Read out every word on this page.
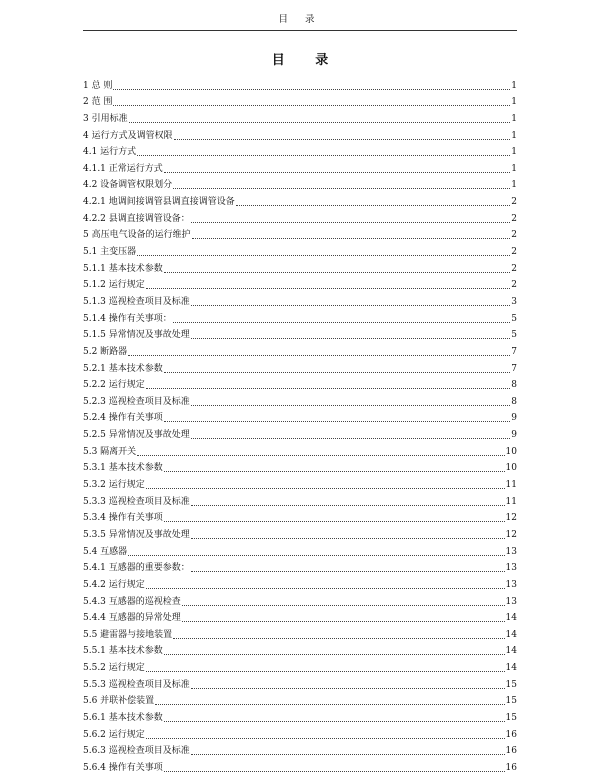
目 录
目 录
1 总 则	1
2 范 围	1
3 引用标准	1
4 运行方式及调管权限	1
4.1 运行方式	1
4.1.1 正常运行方式	1
4.2 设备调管权限划分	1
4.2.1 地调间接调管县调直接调管设备	2
4.2.2 县调直接调管设备：	2
5 高压电气设备的运行维护	2
5.1 主变压器	2
5.1.1 基本技术参数	2
5.1.2 运行规定	2
5.1.3 巡视检查项目及标准	3
5.1.4 操作有关事项：	5
5.1.5 异常情况及事故处理	5
5.2 断路器	7
5.2.1 基本技术参数	7
5.2.2 运行规定	8
5.2.3 巡视检查项目及标准	8
5.2.4 操作有关事项	9
5.2.5 异常情况及事故处理	9
5.3 隔离开关	10
5.3.1 基本技术参数	10
5.3.2 运行规定	11
5.3.3 巡视检查项目及标准	11
5.3.4 操作有关事项	12
5.3.5 异常情况及事故处理	12
5.4 互感器	13
5.4.1 互感器的重要参数：	13
5.4.2 运行规定	13
5.4.3 互感器的巡视检查	13
5.4.4 互感器的异常处理	14
5.5 避雷器与接地装置	14
5.5.1 基本技术参数	14
5.5.2 运行规定	14
5.5.3 巡视检查项目及标准	15
5.6 并联补偿装置	15
5.6.1 基本技术参数	15
5.6.2 运行规定	16
5.6.3 巡视检查项目及标准	16
5.6.4 操作有关事项	16
